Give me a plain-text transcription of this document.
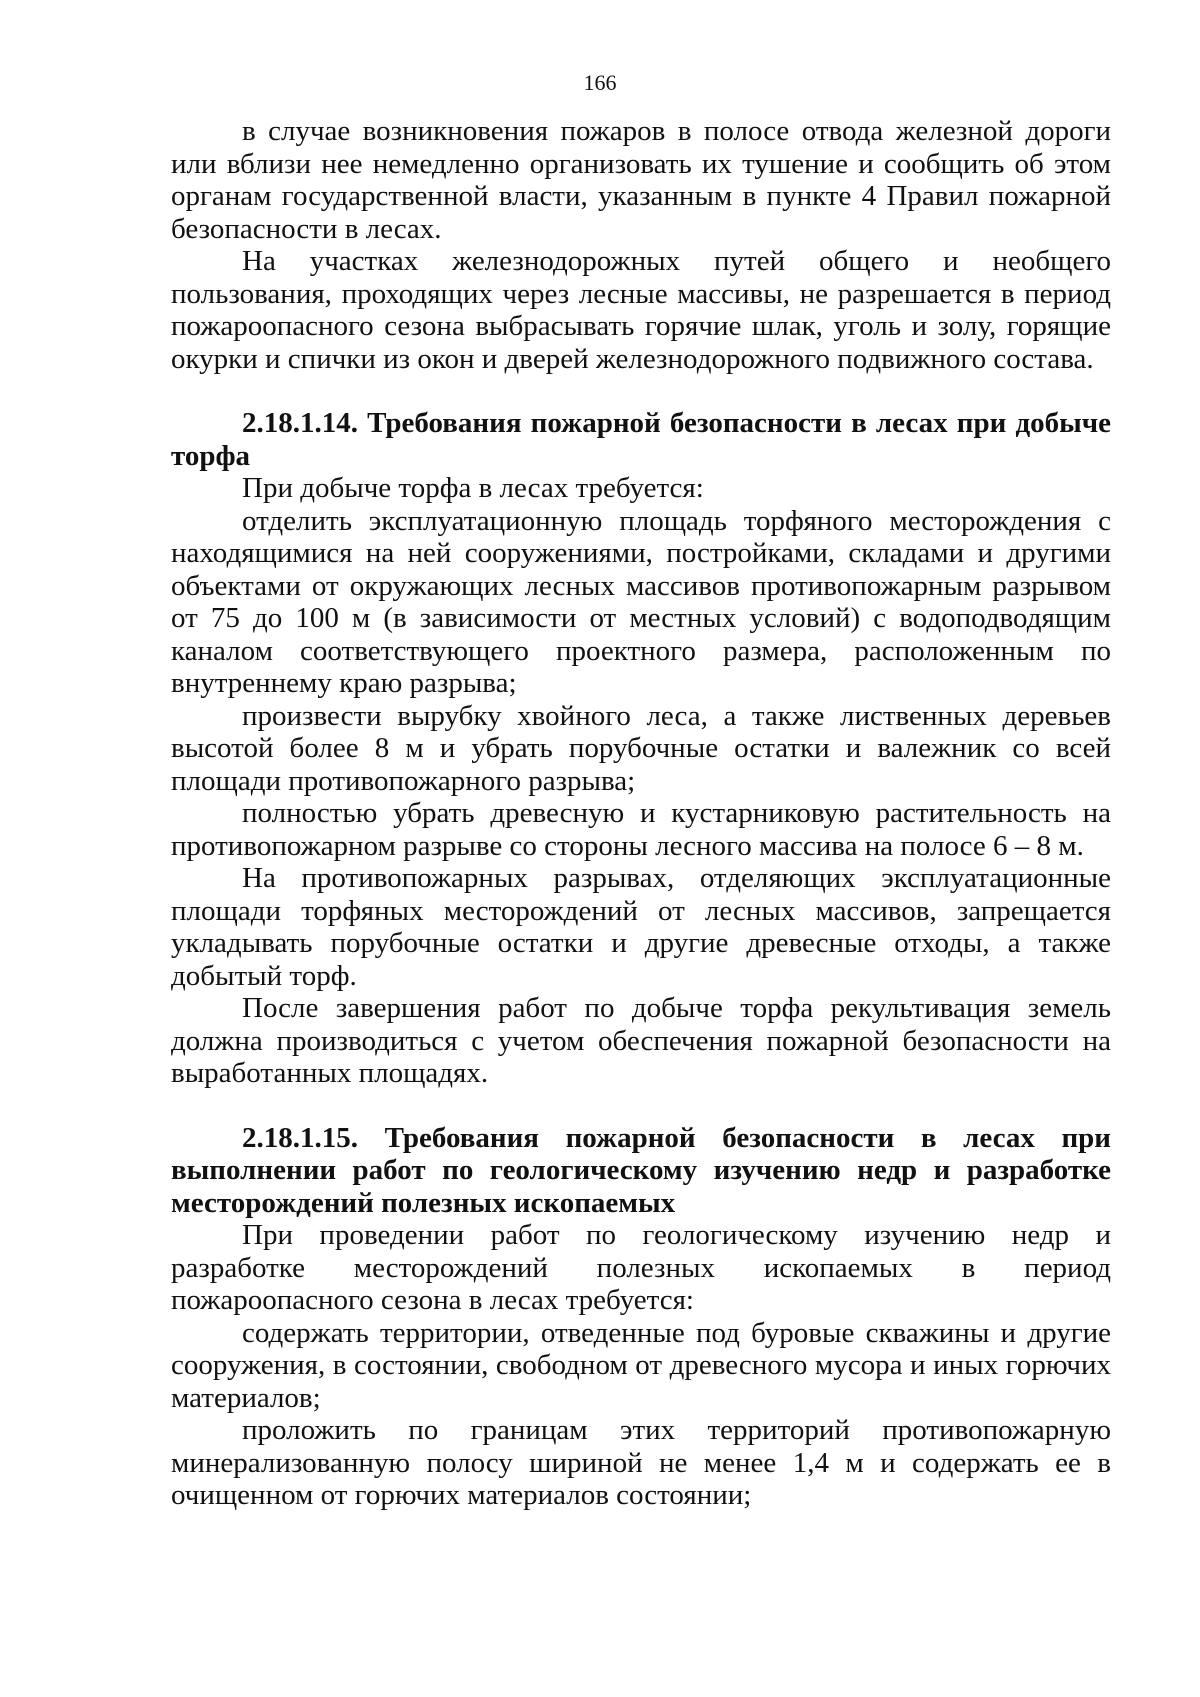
166

в случае возникновения пожаров в полосе отвода железной дороги или вблизи нее немедленно организовать их тушение и сообщить об этом органам государственной власти, указанным в пункте 4 Правил пожарной безопасности в лесах.

На участках железнодорожных путей общего и необщего пользования, проходящих через лесные массивы, не разрешается в период пожароопасного сезона выбрасывать горячие шлак, уголь и золу, горящие окурки и спички из окон и дверей железнодорожного подвижного состава.

2.18.1.14. Требования пожарной безопасности в лесах при добыче торфа

При добыче торфа в лесах требуется:

отделить эксплуатационную площадь торфяного месторождения с находящимися на ней сооружениями, постройками, складами и другими объектами от окружающих лесных массивов противопожарным разрывом от 75 до 100 м (в зависимости от местных условий) с водоподводящим каналом соответствующего проектного размера, расположенным по внутреннему краю разрыва;

произвести вырубку хвойного леса, а также лиственных деревьев высотой более 8 м и убрать порубочные остатки и валежник со всей площади противопожарного разрыва;

полностью убрать древесную и кустарниковую растительность на противопожарном разрыве со стороны лесного массива на полосе 6 – 8 м.

На противопожарных разрывах, отделяющих эксплуатационные площади торфяных месторождений от лесных массивов, запрещается укладывать порубочные остатки и другие древесные отходы, а также добытый торф.

После завершения работ по добыче торфа рекультивация земель должна производиться с учетом обеспечения пожарной безопасности на выработанных площадях.

2.18.1.15. Требования пожарной безопасности в лесах при выполнении работ по геологическому изучению недр и разработке месторождений полезных ископаемых

При проведении работ по геологическому изучению недр и разработке месторождений полезных ископаемых в период пожароопасного сезона в лесах требуется:

содержать территории, отведенные под буровые скважины и другие сооружения, в состоянии, свободном от древесного мусора и иных горючих материалов;

проложить по границам этих территорий противопожарную минерализованную полосу шириной не менее 1,4 м и содержать ее в очищенном от горючих материалов состоянии;
